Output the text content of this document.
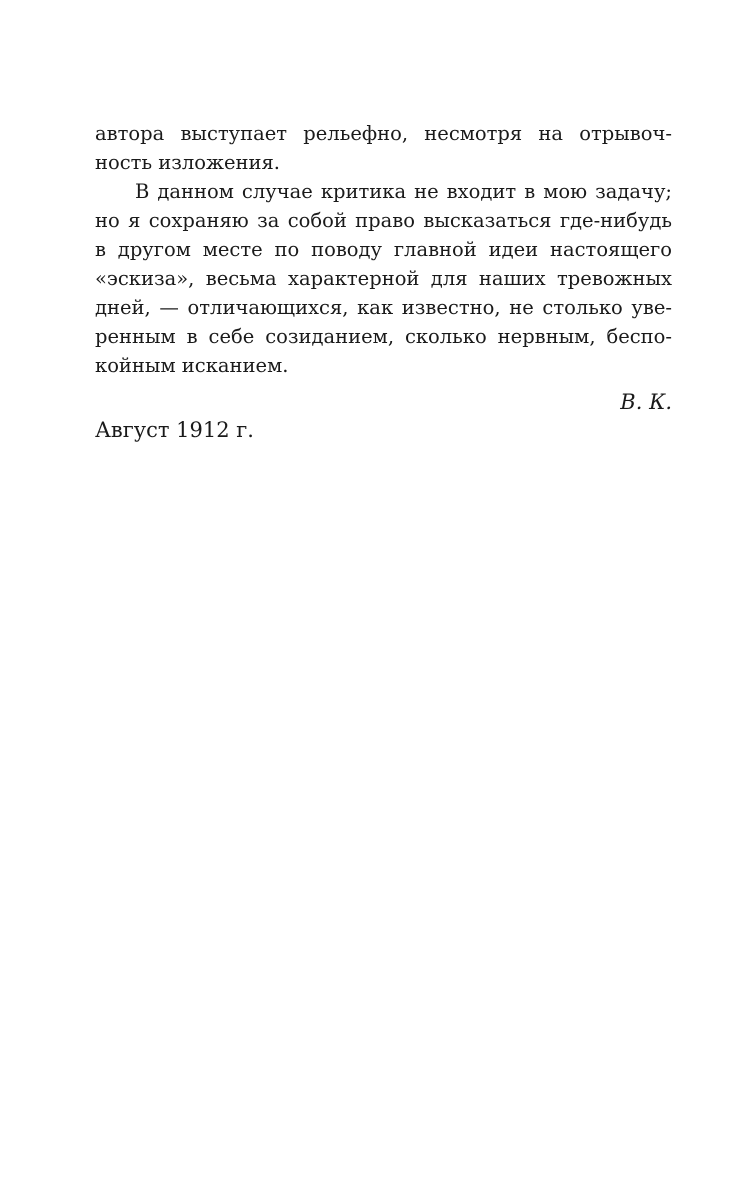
автора выступает рельефно, несмотря на отрывоч-
ность изложения.
В данном случае критика не входит в мою задачу;
но я сохраняю за собой право высказаться где-нибудь
в другом месте по поводу главной идеи настоящего
«эскиза», весьма характерной для наших тревожных
дней, — отличающихся, как известно, не столько уве-
ренным в себе созиданием, сколько нервным, беспо-
койным исканием.
В. К.
Август 1912 г.
